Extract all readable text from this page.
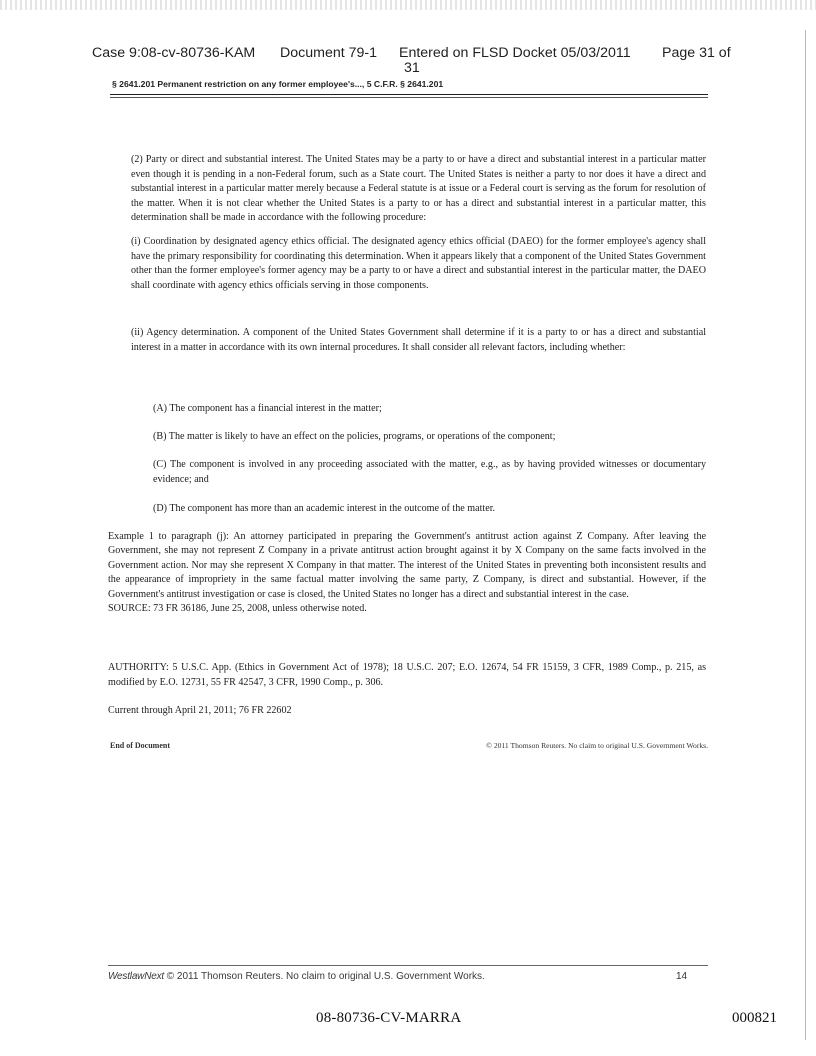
Case 9:08-cv-80736-KAM Document 79-1 Entered on FLSD Docket 05/03/2011 Page 31 of
31
§ 2641.201 Permanent restriction on any former employee's..., 5 C.F.R. § 2641.201
(2) Party or direct and substantial interest. The United States may be a party to or have a direct and substantial interest in a particular matter even though it is pending in a non-Federal forum, such as a State court. The United States is neither a party to nor does it have a direct and substantial interest in a particular matter merely because a Federal statute is at issue or a Federal court is serving as the forum for resolution of the matter. When it is not clear whether the United States is a party to or has a direct and substantial interest in a particular matter, this determination shall be made in accordance with the following procedure:
(i) Coordination by designated agency ethics official. The designated agency ethics official (DAEO) for the former employee's agency shall have the primary responsibility for coordinating this determination. When it appears likely that a component of the United States Government other than the former employee's former agency may be a party to or have a direct and substantial interest in the particular matter, the DAEO shall coordinate with agency ethics officials serving in those components.
(ii) Agency determination. A component of the United States Government shall determine if it is a party to or has a direct and substantial interest in a matter in accordance with its own internal procedures. It shall consider all relevant factors, including whether:
(A) The component has a financial interest in the matter;
(B) The matter is likely to have an effect on the policies, programs, or operations of the component;
(C) The component is involved in any proceeding associated with the matter, e.g., as by having provided witnesses or documentary evidence; and
(D) The component has more than an academic interest in the outcome of the matter.
Example 1 to paragraph (j): An attorney participated in preparing the Government's antitrust action against Z Company. After leaving the Government, she may not represent Z Company in a private antitrust action brought against it by X Company on the same facts involved in the Government action. Nor may she represent X Company in that matter. The interest of the United States in preventing both inconsistent results and the appearance of impropriety in the same factual matter involving the same party, Z Company, is direct and substantial. However, if the Government's antitrust investigation or case is closed, the United States no longer has a direct and substantial interest in the case.
SOURCE: 73 FR 36186, June 25, 2008, unless otherwise noted.
AUTHORITY: 5 U.S.C. App. (Ethics in Government Act of 1978); 18 U.S.C. 207; E.O. 12674, 54 FR 15159, 3 CFR, 1989 Comp., p. 215, as modified by E.O. 12731, 55 FR 42547, 3 CFR, 1990 Comp., p. 306.
Current through April 21, 2011; 76 FR 22602
End of Document	© 2011 Thomson Reuters. No claim to original U.S. Government Works.
WestlawNext © 2011 Thomson Reuters. No claim to original U.S. Government Works.	14
08-80736-CV-MARRA	000821
